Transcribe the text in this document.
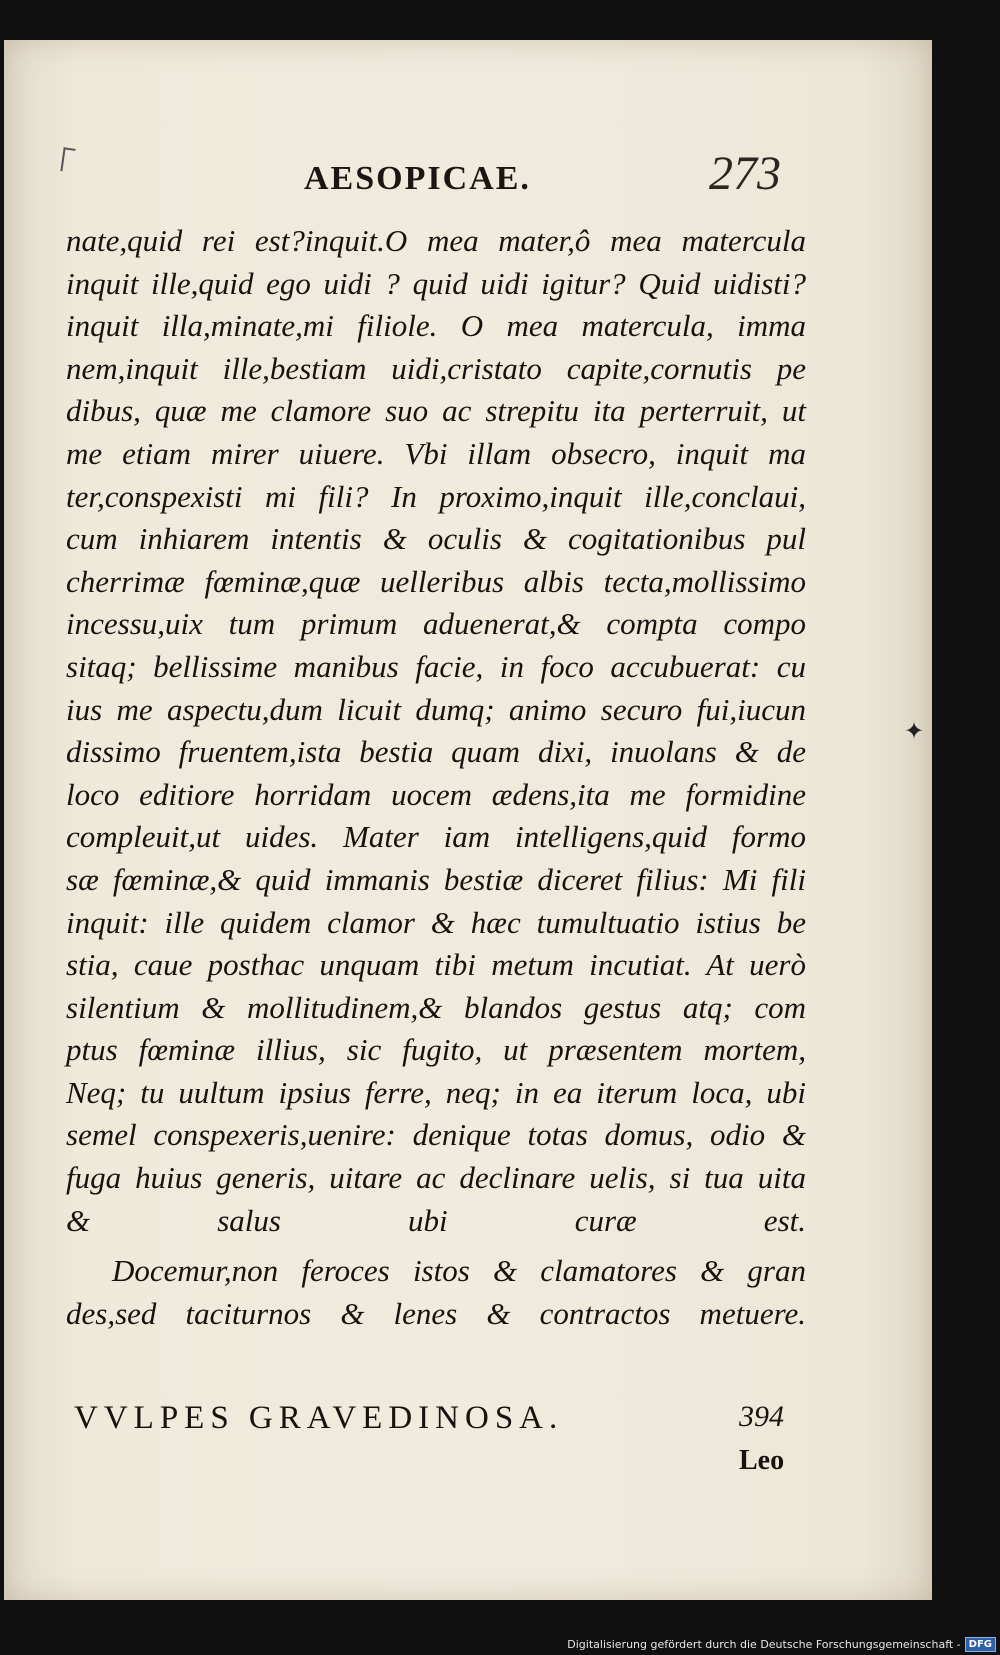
AESOPICAE.	273
nate,quid rei est?inquit.O mea mater,ô mea matercula
inquit ille,quid ego uidi ? quid uidi igitur? Quid uidisti?
inquit illa,minate,mi filiole. O mea matercula, imma
nem,inquit ille,bestiam uidi,cristato capite,cornutis pe
dibus, quæ me clamore suo ac strepitu ita perterruit, ut
me etiam mirer uiuere. Vbi illam obsecro, inquit ma
ter,conspexisti mi fili? In proximo,inquit ille,conclaui,
cum inhiarem intentis & oculis & cogitationibus pul
cherrimæ fœminæ,quæ uelleribus albis tecta,mollissimo
incessu,uix tum primum aduenerat,& compta compo
sitaq; bellissime manibus facie, in foco accubuerat: cu
ius me aspectu,dum licuit dumq; animo securo fui,iucun
dissimo fruentem,ista bestia quam dixi, inuolans & de
loco editiore horridam uocem ædens,ita me formidine
compleuit,ut uides. Mater iam intelligens,quid formo
sæ fœminæ,& quid immanis bestiæ diceret filius: Mi fili
inquit: ille quidem clamor & hæc tumultuatio istius be
stia, caue posthac unquam tibi metum incutiat. At uerò
silentium & mollitudinem,& blandos gestus atq; com
ptus fœminæ illius, sic fugito, ut præsentem mortem,
Neq; tu uultum ipsius ferre, neq; in ea iterum loca, ubi
semel conspexeris,uenire: denique totas domus, odio &
fuga huius generis, uitare ac declinare uelis, si tua uita
& salus ubi curæ est.
Docemur,non feroces istos & clamatores & gran
des,sed taciturnos & lenes & contractos metuere.
✦
VVLPES GRAVEDINOSA.	394
Leo
Digitalisierung gefördert durch die Deutsche Forschungsgemeinschaft - DFG
